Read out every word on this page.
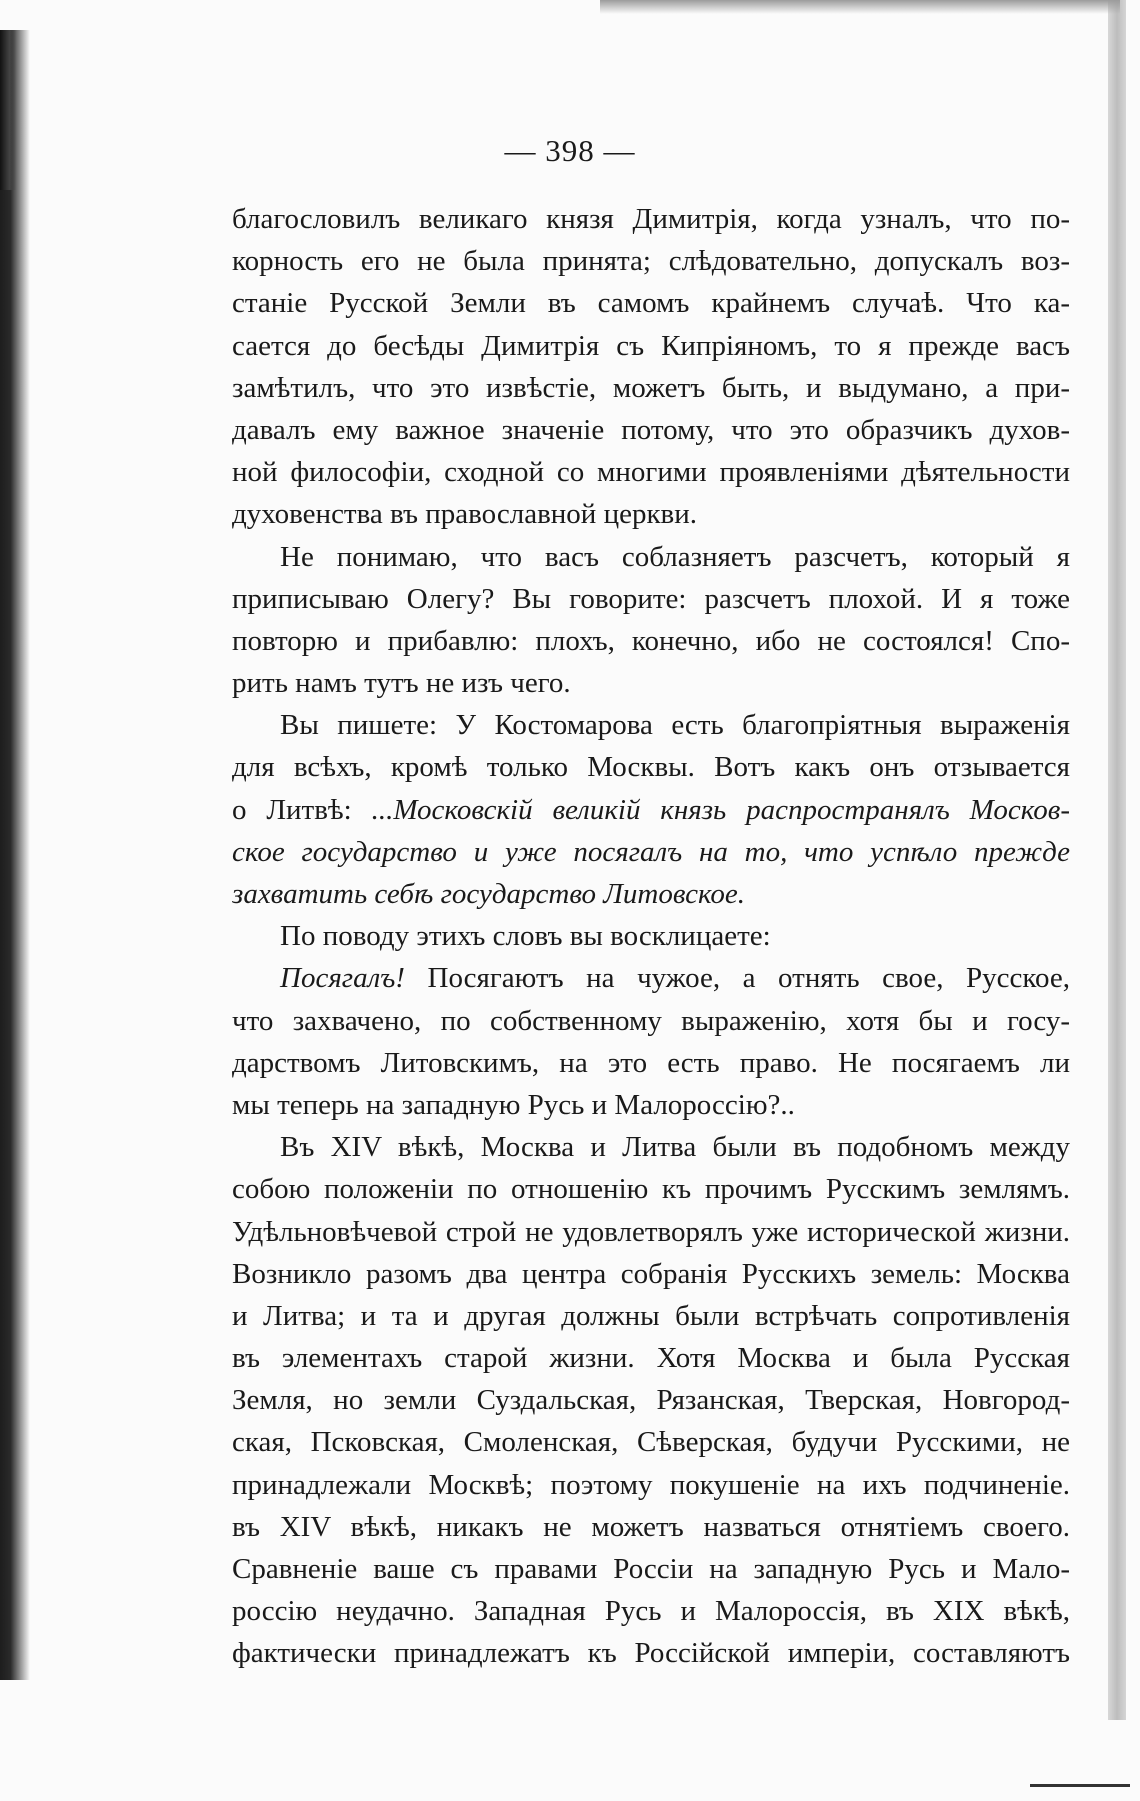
— 398 —
благословилъ великаго князя Димитрія, когда узналъ, что по-
корность его не была принята; слѣдовательно, допускалъ воз-
станіе Русской Земли въ самомъ крайнемъ случаѣ. Что ка-
сается до бесѣды Димитрія съ Кипріяномъ, то я прежде васъ
замѣтилъ, что это извѣстіе, можетъ быть, и выдумано, а при-
давалъ ему важное значеніе потому, что это образчикъ духов-
ной философіи, сходной со многими проявленіями дѣятельности
духовенства въ православной церкви.
Не понимаю, что васъ соблазняетъ разсчетъ, который я
приписываю Олегу? Вы говорите: разсчетъ плохой. И я тоже
повторю и прибавлю: плохъ, конечно, ибо не состоялся! Спо-
рить намъ тутъ не изъ чего.
Вы пишете: У Костомарова есть благопріятныя выраженія
для всѣхъ, кромѣ только Москвы. Вотъ какъ онъ отзывается
о Литвѣ: ...Московскій великій князь распространялъ Москов-
ское государство и уже посягалъ на то, что успѣло прежде
захватить себѣ государство Литовское.
По поводу этихъ словъ вы восклицаете:
Посягалъ! Посягаютъ на чужое, а отнять свое, Русское,
что захвачено, по собственному выраженію, хотя бы и госу-
дарствомъ Литовскимъ, на это есть право. Не посягаемъ ли
мы теперь на западную Русь и Малороссію?..
Въ XIV вѣкѣ, Москва и Литва были въ подобномъ между
собою положеніи по отношенію къ прочимъ Русскимъ землямъ.
Удѣльновѣчевой строй не удовлетворялъ уже исторической жизни.
Возникло разомъ два центра собранія Русскихъ земель: Москва
и Литва; и та и другая должны были встрѣчать сопротивленія
въ элементахъ старой жизни. Хотя Москва и была Русская
Земля, но земли Суздальская, Рязанская, Тверская, Новгород-
ская, Псковская, Смоленская, Сѣверская, будучи Русскими, не
принадлежали Москвѣ; поэтому покушеніе на ихъ подчиненіе.
въ XIV вѣкѣ, никакъ не можетъ назваться отнятіемъ своего.
Сравненіе ваше съ правами Россіи на западную Русь и Мало-
россію неудачно. Западная Русь и Малороссія, въ XIX вѣкѣ,
фактически принадлежатъ къ Россійской имперіи, составляютъ
